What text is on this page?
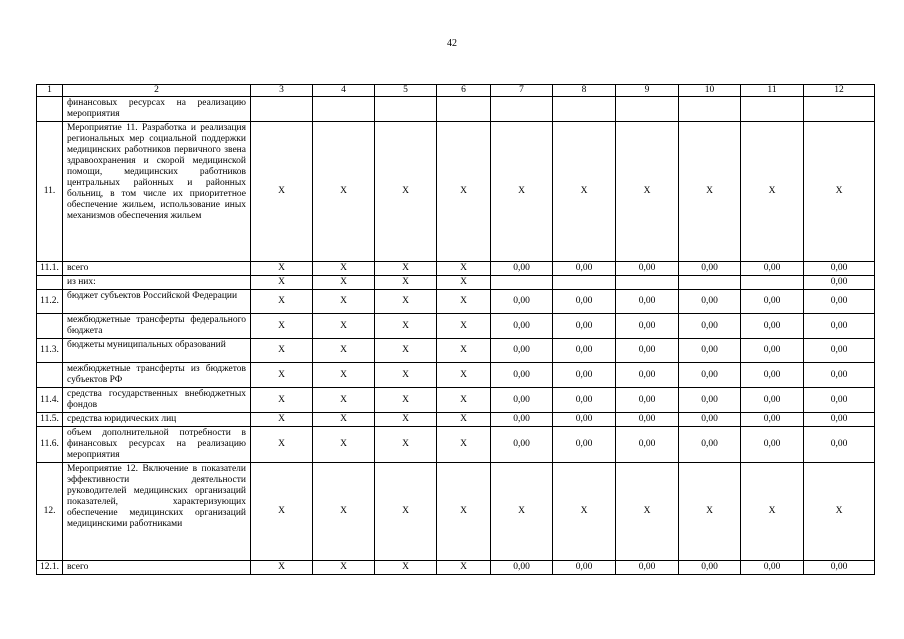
42
1	2	3	4	5	6	7	8	9	10	11	12
	финансовых ресурсах на реализацию мероприятия										
11.	Мероприятие 11. Разработка и реализация региональных мер социальной поддержки медицинских работников первичного звена здравоохранения и скорой медицинской помощи, медицинских работников центральных районных и районных больниц, в том числе их приоритетное обеспечение жильем, использование иных механизмов обеспечения жильем	X	X	X	X	X	X	X	X	X	X
11.1.	всего	X	X	X	X	0,00	0,00	0,00	0,00	0,00	0,00
	из них:	X	X	X	X						0,00
11.2.	бюджет субъектов Российской Федерации	X	X	X	X	0,00	0,00	0,00	0,00	0,00	0,00
	межбюджетные трансферты федерального бюджета	X	X	X	X	0,00	0,00	0,00	0,00	0,00	0,00
11.3.	бюджеты муниципальных образований	X	X	X	X	0,00	0,00	0,00	0,00	0,00	0,00
	межбюджетные трансферты из бюджетов субъектов РФ	X	X	X	X	0,00	0,00	0,00	0,00	0,00	0,00
11.4.	средства государственных внебюджетных фондов	X	X	X	X	0,00	0,00	0,00	0,00	0,00	0,00
11.5.	средства юридических лиц	X	X	X	X	0,00	0,00	0,00	0,00	0,00	0,00
11.6.	объем дополнительной потребности в финансовых ресурсах на реализацию мероприятия	X	X	X	X	0,00	0,00	0,00	0,00	0,00	0,00
12.	Мероприятие 12. Включение в показатели эффективности деятельности руководителей медицинских организаций показателей, характеризующих обеспечение медицинских организаций медицинскими работниками	X	X	X	X	X	X	X	X	X	X
12.1.	всего	X	X	X	X	0,00	0,00	0,00	0,00	0,00	0,00
